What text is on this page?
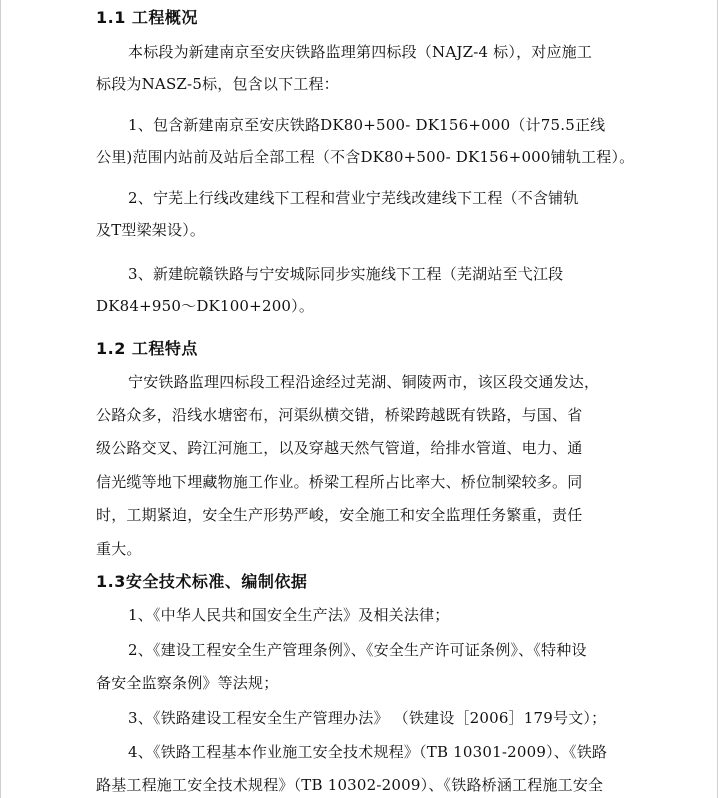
1.1 工程概况
本标段为新建南京至安庆铁路监理第四标段（NAJZ-4 标），对应施工
标段为NASZ-5标，包含以下工程：
1、包含新建南京至安庆铁路DK80+500- DK156+000（计75.5正线
公里)范围内站前及站后全部工程（不含DK80+500- DK156+000铺轨工程）。
2、宁芜上行线改建线下工程和营业宁芜线改建线下工程（不含铺轨
及T型梁架设）。
3、新建皖赣铁路与宁安城际同步实施线下工程（芜湖站至弋江段
DK84+950～DK100+200）。
1.2 工程特点
宁安铁路监理四标段工程沿途经过芜湖、铜陵两市，该区段交通发达，
公路众多，沿线水塘密布，河渠纵横交错，桥梁跨越既有铁路，与国、省
级公路交叉、跨江河施工，以及穿越天然气管道，给排水管道、电力、通
信光缆等地下埋藏物施工作业。桥梁工程所占比率大、桥位制梁较多。同
时，工期紧迫，安全生产形势严峻，安全施工和安全监理任务繁重，责任
重大。
1.3安全技术标准、编制依据
1、《中华人民共和国安全生产法》及相关法律；
2、《建设工程安全生产管理条例》、《安全生产许可证条例》、《特种设
备安全监察条例》等法规；
3、《铁路建设工程安全生产管理办法》 （铁建设［2006］179号文）；
4、《铁路工程基本作业施工安全技术规程》（TB 10301-2009）、《铁路
路基工程施工安全技术规程》（TB 10302-2009）、《铁路桥涵工程施工安全
